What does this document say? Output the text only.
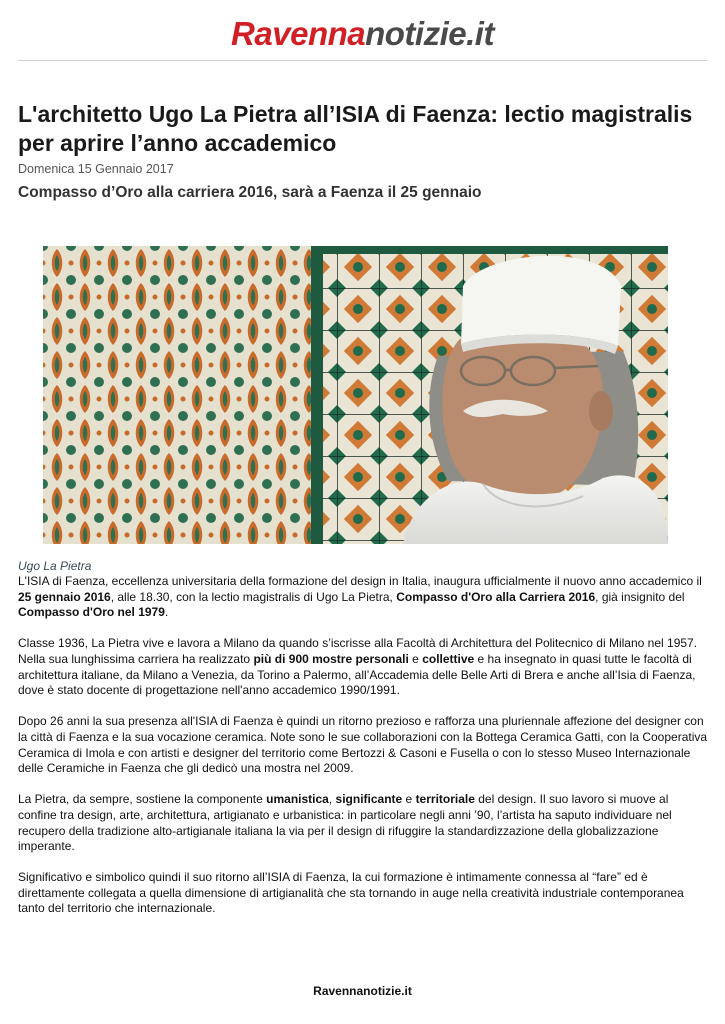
Ravennanotizie.it
L'architetto Ugo La Pietra all’ISIA di Faenza: lectio magistralis per aprire l’anno accademico
Domenica 15 Gennaio 2017
Compasso d’Oro alla carriera 2016, sarà a Faenza il 25 gennaio
Ugo La Pietra

L'ISIA di Faenza, eccellenza universitaria della formazione del design in Italia, inaugura ufficialmente il nuovo anno accademico il 25 gennaio 2016, alle 18.30, con la lectio magistralis di Ugo La Pietra, Compasso d'Oro alla Carriera 2016, già insignito del Compasso d'Oro nel 1979.

Classe 1936, La Pietra vive e lavora a Milano da quando s’iscrisse alla Facoltà di Architettura del Politecnico di Milano nel 1957. Nella sua lunghissima carriera ha realizzato più di 900 mostre personali e collettive e ha insegnato in quasi tutte le facoltà di architettura italiane, da Milano a Venezia, da Torino a Palermo, all’Accademia delle Belle Arti di Brera e anche all’Isia di Faenza, dove è stato docente di progettazione nell'anno accademico 1990/1991.

Dopo 26 anni la sua presenza all'ISIA di Faenza è quindi un ritorno prezioso e rafforza una pluriennale affezione del designer con la città di Faenza e la sua vocazione ceramica. Note sono le sue collaborazioni con la Bottega Ceramica Gatti, con la Cooperativa Ceramica di Imola e con artisti e designer del territorio come Bertozzi & Casoni e Fusella o con lo stesso Museo Internazionale delle Ceramiche in Faenza che gli dedicò una mostra nel 2009.

La Pietra, da sempre, sostiene la componente umanistica, significante e territoriale del design. Il suo lavoro si muove al confine tra design, arte, architettura, artigianato e urbanistica: in particolare negli anni ’90, l’artista ha saputo individuare nel recupero della tradizione alto-artigianale italiana la via per il design di rifuggire la standardizzazione della globalizzazione imperante.

Significativo e simbolico quindi il suo ritorno all’ISIA di Faenza, la cui formazione è intimamente connessa al “fare” ed è direttamente collegata a quella dimensione di artigianalità che sta tornando in auge nella creatività industriale contemporanea tanto del territorio che internazionale.

Ravennanotizie.it
